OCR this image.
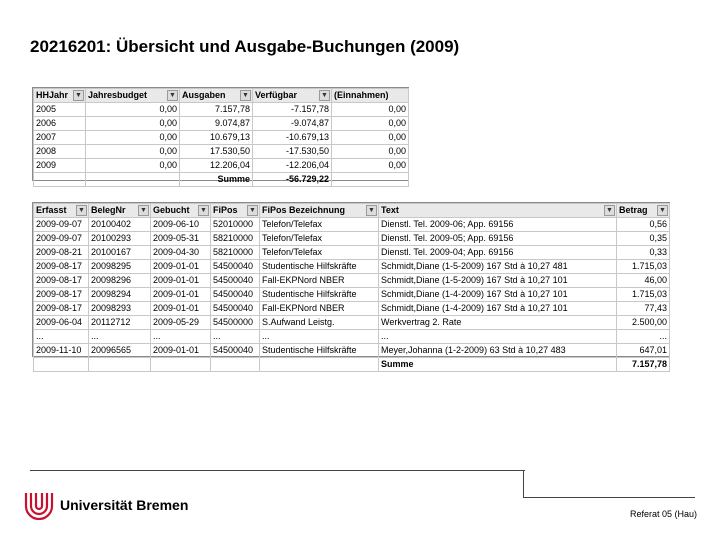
20216201: Übersicht und Ausgabe-Buchungen (2009)
HHJahr ▼	Jahresbudget ▼	Ausgaben ▼	Verfügbar ▼	(Einnahmen)
2005	0,00	7.157,78	-7.157,78	0,00
2006	0,00	9.074,87	-9.074,87	0,00
2007	0,00	10.679,13	-10.679,13	0,00
2008	0,00	17.530,50	-17.530,50	0,00
2009	0,00	12.206,04	-12.206,04	0,00
		Summe	-56.729,22	
Erfasst ▼	BelegNr ▼	Gebucht ▼	FiPos ▼	FiPos Bezeichnung ▼	Text ▼	Betrag ▼

2009-09-07	20100402	2009-06-10	52010000	Telefon/Telefax	Dienstl. Tel. 2009-06; App. 69156	0,56
2009-09-07	20100293	2009-05-31	58210000	Telefon/Telefax	Dienstl. Tel. 2009-05; App. 69156	0,35
2009-08-21	20100167	2009-04-30	58210000	Telefon/Telefax	Dienstl. Tel. 2009-04; App. 69156	0,33
2009-08-17	20098295	2009-01-01	54500040	Studentische Hilfskräfte	Schmidt,Diane (1-5-2009) 167 Std à 10,27 481	1.715,03
2009-08-17	20098296	2009-01-01	54500040	Fall-EKPNord NBER	Schmidt,Diane (1-5-2009) 167 Std à 10,27 101	46,00
2009-08-17	20098294	2009-01-01	54500040	Studentische Hilfskräfte	Schmidt,Diane (1-4-2009) 167 Std à 10,27 101	1.715,03
2009-08-17	20098293	2009-01-01	54500040	Fall-EKPNord NBER	Schmidt,Diane (1-4-2009) 167 Std à 10,27 101	77,43
2009-06-04	20112712	2009-05-29	54500000	S.Aufwand Leistg.	Werkvertrag 2. Rate	2.500,00
...	...	...	...	...	...	...
2009-11-10	20096565	2009-01-01	54500040	Studentische Hilfskräfte	Meyer,Johanna (1-2-2009) 63 Std à 10,27 483	647,01
					Summe	7.157,78
Universität Bremen
Referat 05 (Hau)
